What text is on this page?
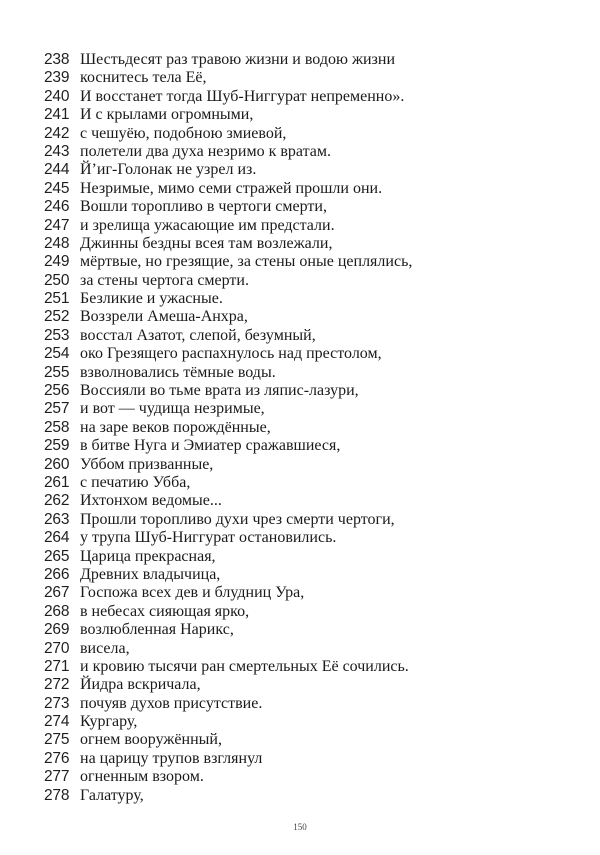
238 Шестьдесят раз травою жизни и водою жизни
239 коснитесь тела Её,
240 И восстанет тогда Шуб-Ниггурат непременно».
241 И с крылами огромными,
242 с чешуёю, подобною змиевой,
243 полетели два духа незримо к вратам.
244 Й’иг-Голонак не узрел из.
245 Незримые, мимо семи стражей прошли они.
246 Вошли торопливо в чертоги смерти,
247 и зрелища ужасающие им предстали.
248 Джинны бездны всея там возлежали,
249 мёртвые, но грезящие, за стены оные цеплялись,
250 за стены чертога смерти.
251 Безликие и ужасные.
252 Воззрели Амеша-Анхра,
253 восстал Азатот, слепой, безумный,
254 око Грезящего распахнулось над престолом,
255 взволновались тёмные воды.
256 Воссияли во тьме врата из ляпис-лазури,
257 и вот — чудища незримые,
258 на заре веков порождённые,
259 в битве Нуга и Эмиатер сражавшиеся,
260 Уббом призванные,
261 с печатию Убба,
262 Ихтонхом ведомые...
263 Прошли торопливо духи чрез смерти чертоги,
264 у трупа Шуб-Ниггурат остановились.
265 Царица прекрасная,
266 Древних владычица,
267 Госпожа всех дев и блудниц Ура,
268 в небесах сияющая ярко,
269 возлюбленная Нарикс,
270 висела,
271 и кровию тысячи ран смертельных Её сочились.
272 Йидра вскричала,
273 почуяв духов присутствие.
274 Кургару,
275 огнем вооружённый,
276 на царицу трупов взглянул
277 огненным взором.
278 Галатуру,
150
